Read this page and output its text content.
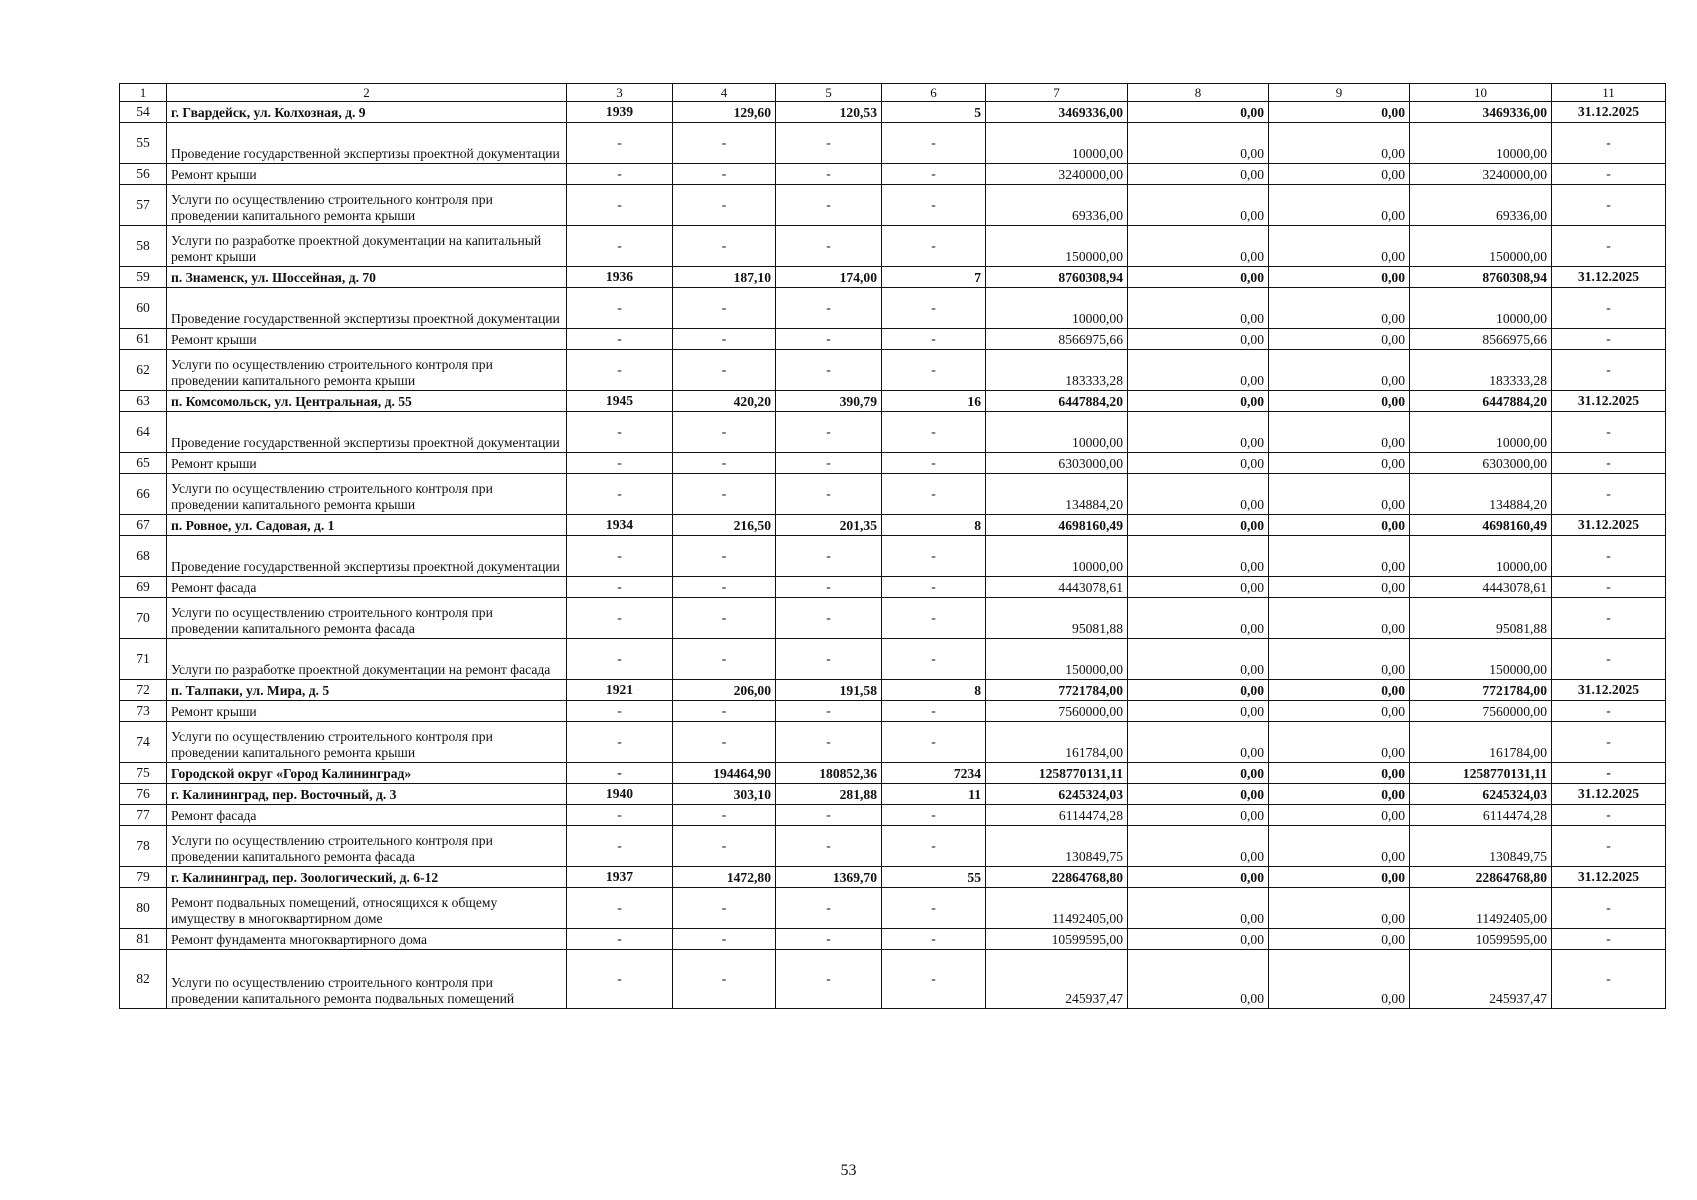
1	2	3	4	5	6	7	8	9	10	11
54	г. Гвардейск, ул. Колхозная, д. 9	1939	129,60	120,53	5	3469336,00	0,00	0,00	3469336,00	31.12.2025
55	Проведение государственной экспертизы проектной документации	-	-	-	-	10000,00	0,00	0,00	10000,00	-
56	Ремонт крыши	-	-	-	-	3240000,00	0,00	0,00	3240000,00	-
57	Услуги по осуществлению строительного контроля при проведении капитального ремонта крыши	-	-	-	-	69336,00	0,00	0,00	69336,00	-
58	Услуги по разработке проектной документации на капитальный ремонт крыши	-	-	-	-	150000,00	0,00	0,00	150000,00	-
59	п. Знаменск, ул. Шоссейная, д. 70	1936	187,10	174,00	7	8760308,94	0,00	0,00	8760308,94	31.12.2025
60	Проведение государственной экспертизы проектной документации	-	-	-	-	10000,00	0,00	0,00	10000,00	-
61	Ремонт крыши	-	-	-	-	8566975,66	0,00	0,00	8566975,66	-
62	Услуги по осуществлению строительного контроля при проведении капитального ремонта крыши	-	-	-	-	183333,28	0,00	0,00	183333,28	-
63	п. Комсомольск, ул. Центральная, д. 55	1945	420,20	390,79	16	6447884,20	0,00	0,00	6447884,20	31.12.2025
64	Проведение государственной экспертизы проектной документации	-	-	-	-	10000,00	0,00	0,00	10000,00	-
65	Ремонт крыши	-	-	-	-	6303000,00	0,00	0,00	6303000,00	-
66	Услуги по осуществлению строительного контроля при проведении капитального ремонта крыши	-	-	-	-	134884,20	0,00	0,00	134884,20	-
67	п. Ровное, ул. Садовая, д. 1	1934	216,50	201,35	8	4698160,49	0,00	0,00	4698160,49	31.12.2025
68	Проведение государственной экспертизы проектной документации	-	-	-	-	10000,00	0,00	0,00	10000,00	-
69	Ремонт фасада	-	-	-	-	4443078,61	0,00	0,00	4443078,61	-
70	Услуги по осуществлению строительного контроля при проведении капитального ремонта фасада	-	-	-	-	95081,88	0,00	0,00	95081,88	-
71	Услуги по разработке проектной документации на ремонт фасада	-	-	-	-	150000,00	0,00	0,00	150000,00	-
72	п. Талпаки, ул. Мира, д. 5	1921	206,00	191,58	8	7721784,00	0,00	0,00	7721784,00	31.12.2025
73	Ремонт крыши	-	-	-	-	7560000,00	0,00	0,00	7560000,00	-
74	Услуги по осуществлению строительного контроля при проведении капитального ремонта крыши	-	-	-	-	161784,00	0,00	0,00	161784,00	-
75	Городской округ «Город Калининград»	-	194464,90	180852,36	7234	1258770131,11	0,00	0,00	1258770131,11	-
76	г. Калининград, пер. Восточный, д. 3	1940	303,10	281,88	11	6245324,03	0,00	0,00	6245324,03	31.12.2025
77	Ремонт фасада	-	-	-	-	6114474,28	0,00	0,00	6114474,28	-
78	Услуги по осуществлению строительного контроля при проведении капитального ремонта фасада	-	-	-	-	130849,75	0,00	0,00	130849,75	-
79	г. Калининград, пер. Зоологический, д. 6-12	1937	1472,80	1369,70	55	22864768,80	0,00	0,00	22864768,80	31.12.2025
80	Ремонт подвальных помещений, относящихся к общему имуществу в многоквартирном доме	-	-	-	-	11492405,00	0,00	0,00	11492405,00	-
81	Ремонт фундамента многоквартирного дома	-	-	-	-	10599595,00	0,00	0,00	10599595,00	-
82	Услуги по осуществлению строительного контроля при проведении капитального ремонта подвальных помещений	-	-	-	-	245937,47	0,00	0,00	245937,47	-
53
